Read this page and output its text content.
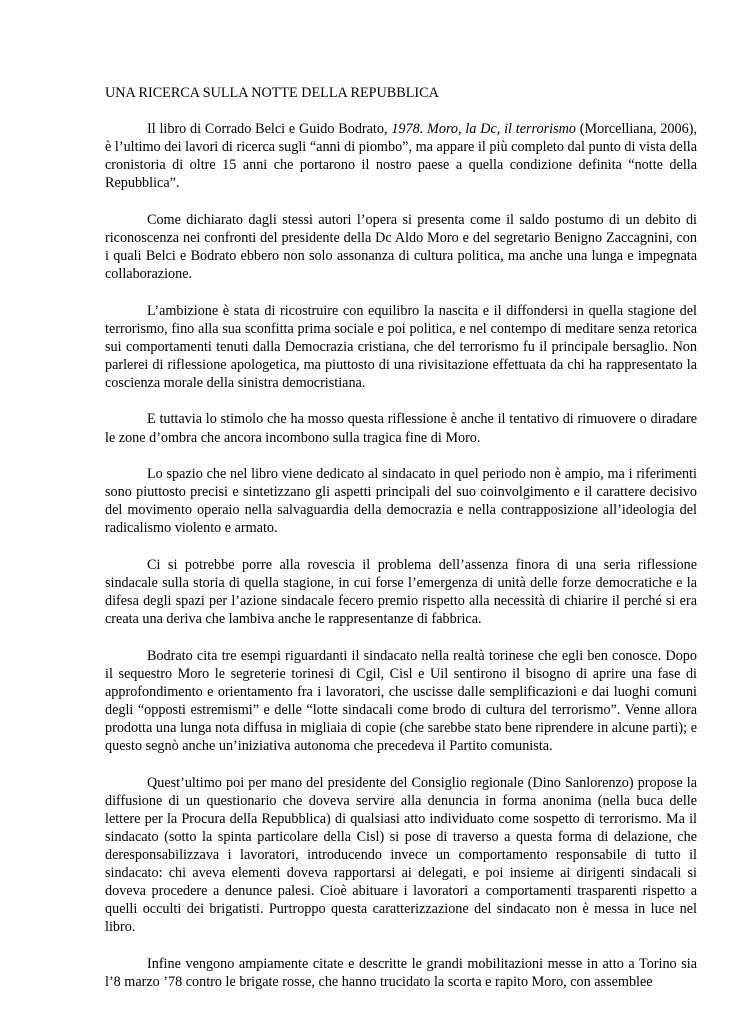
UNA RICERCA SULLA NOTTE DELLA REPUBBLICA

Il libro di Corrado Belci e Guido Bodrato, 1978. Moro, la Dc, il terrorismo (Morcelliana, 2006), è l’ultimo dei lavori di ricerca sugli “anni di piombo”, ma appare il più completo dal punto di vista della cronistoria di oltre 15 anni che portarono il nostro paese a quella condizione definita “notte della Repubblica”.

Come dichiarato dagli stessi autori l’opera si presenta come il saldo postumo di un debito di riconoscenza nei confronti del presidente della Dc Aldo Moro e del segretario Benigno Zaccagnini, con i quali Belci e Bodrato ebbero non solo assonanza di cultura politica, ma anche una lunga e impegnata collaborazione.

L’ambizione è stata di ricostruire con equilibro la nascita e il diffondersi in quella stagione del terrorismo, fino alla sua sconfitta prima sociale e poi politica, e nel contempo di meditare senza retorica sui comportamenti tenuti dalla Democrazia cristiana, che del terrorismo fu il principale bersaglio. Non parlerei di riflessione apologetica, ma piuttosto di una rivisitazione effettuata da chi ha rappresentato la coscienza morale della sinistra democristiana.

E tuttavia lo stimolo che ha mosso questa riflessione è anche il tentativo di rimuovere o diradare le zone d’ombra che ancora incombono sulla tragica fine di Moro.

Lo spazio che nel libro viene dedicato al sindacato in quel periodo non è ampio, ma i riferimenti sono piuttosto precisi e sintetizzano gli aspetti principali del suo coinvolgimento e il carattere decisivo del movimento operaio nella salvaguardia della democrazia e nella contrapposizione all’ideologia del radicalismo violento e armato.

Ci si potrebbe porre alla rovescia il problema dell’assenza finora di una seria riflessione sindacale sulla storia di quella stagione, in cui forse l’emergenza di unità delle forze democratiche e la difesa degli spazi per l’azione sindacale fecero premio rispetto alla necessità di chiarire il perché si era creata una deriva che lambiva anche le rappresentanze di fabbrica.

Bodrato cita tre esempi riguardanti il sindacato nella realtà torinese che egli ben conosce. Dopo il sequestro Moro le segreterie torinesi di Cgil, Cisl e Uil sentirono il bisogno di aprire una fase di approfondimento e orientamento fra i lavoratori, che uscisse dalle semplificazioni e dai luoghi comuni degli “opposti estremismi” e delle “lotte sindacali come brodo di cultura del terrorismo”. Venne allora prodotta una lunga nota diffusa in migliaia di copie (che sarebbe stato bene riprendere in alcune parti); e questo segnò anche un’iniziativa autonoma che precedeva il Partito comunista.

Quest’ultimo poi per mano del presidente del Consiglio regionale (Dino Sanlorenzo) propose la diffusione di un questionario che doveva servire alla denuncia in forma anonima (nella buca delle lettere per la Procura della Repubblica) di qualsiasi atto individuato come sospetto di terrorismo. Ma il sindacato (sotto la spinta particolare della Cisl) si pose di traverso a questa forma di delazione, che deresponsabilizzava i lavoratori, introducendo invece un comportamento responsabile di tutto il sindacato: chi aveva elementi doveva rapportarsi ai delegati, e poi insieme ai dirigenti sindacali si doveva procedere a denunce palesi. Cioè abituare i lavoratori a comportamenti trasparenti rispetto a quelli occulti dei brigatisti. Purtroppo questa caratterizzazione del sindacato non è messa in luce nel libro.

Infine vengono ampiamente citate e descritte le grandi mobilitazioni messe in atto a Torino sia l’8 marzo ’78 contro le brigate rosse, che hanno trucidato la scorta e rapito Moro, con assemblee
